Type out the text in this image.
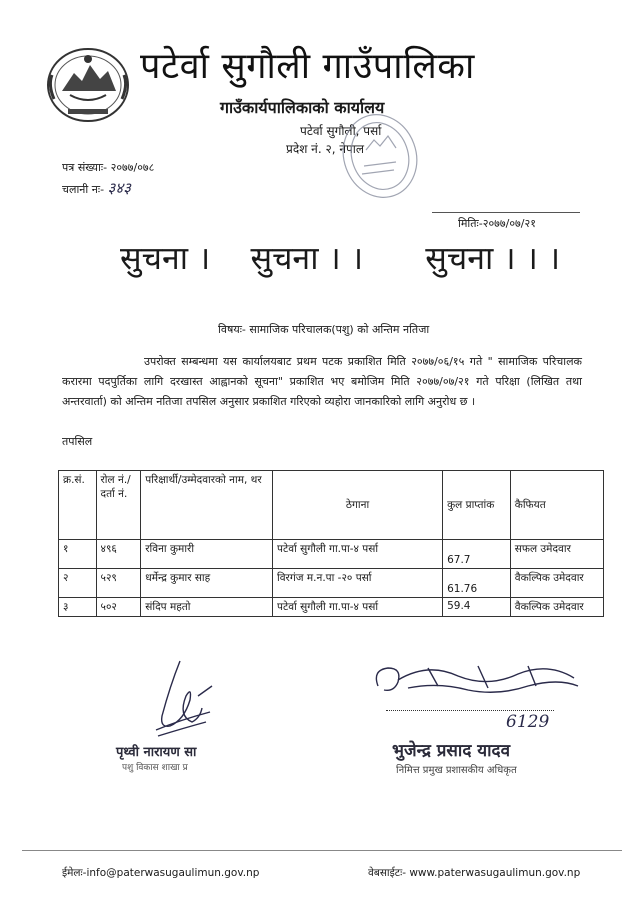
पटेर्वा सुगौली गाउँपालिका
गाउँकार्यपालिकाको कार्यालय
पटेर्वा सुगौली, पर्सा
प्रदेश नं. २, नेपाल
पत्र संख्याः- २०७७/०७८
चलानी नः- ३४३
मितिः-२०७७/०७/२१
सुचना । सुचना । । सुचना । । ।
विषयः- सामाजिक परिचालक(पशु) को अन्तिम नतिजा

उपरोक्त सम्बन्धमा यस कार्यालयबाट प्रथम पटक प्रकाशित मिति २०७७/०६/१५ गते " सामाजिक परिचालक करारमा पदपुर्तिका लागि दरखास्त आह्वानको सूचना" प्रकाशित भए बमोजिम मिति २०७७/०७/२१ गते परिक्षा (लिखित तथा अन्तरवार्ता) को अन्तिम नतिजा तपसिल अनुसार प्रकाशित गरिएको व्यहोरा जानकारिको लागि अनुरोध छ ।

तपसिल
क्र.सं.	रोल नं./दर्ता नं.	परिक्षार्थी/उम्मेदवारको नाम, थर	ठेगाना	कुल प्राप्तांक	कैफियत
१	४९६	रविना कुमारी	पटेर्वा सुगौली गा.पा-४ पर्सा	67.7	सफल उमेदवार
२	५२९	धर्मेन्द्र कुमार साह	विरगंज म.न.पा -२० पर्सा	61.76	वैकल्पिक उमेदवार
३	५०२	संदिप महतो	पटेर्वा सुगौली गा.पा-४ पर्सा	59.4	वैकल्पिक उमेदवार
पृथ्वी नारायण सा
पशु विकास शाखा प्र
6129
भुजेन्द्र प्रसाद यादव
निमित्त प्रमुख प्रशासकीय अधिकृत
ईमेलः-info@paterwasugaulimun.gov.np	वेबसाईटः- www.paterwasugaulimun.gov.np
